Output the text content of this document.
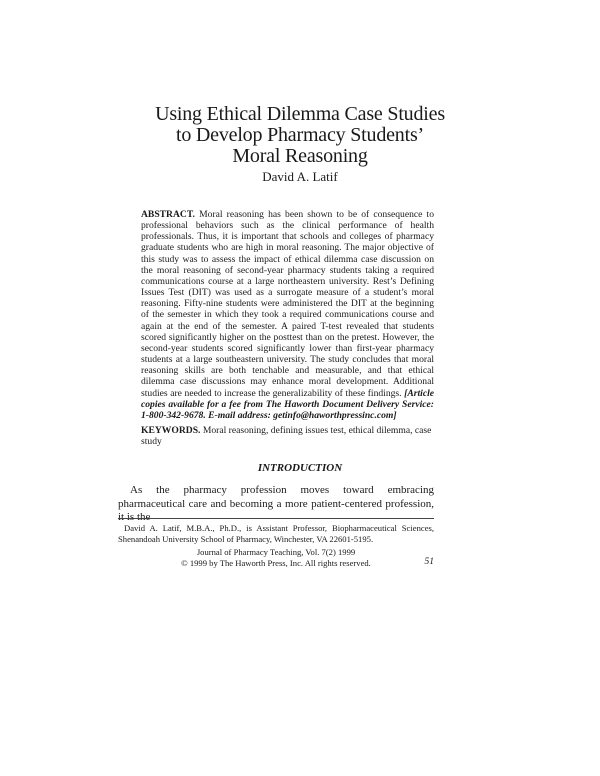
Using Ethical Dilemma Case Studies
to Develop Pharmacy Students’
Moral Reasoning
David A. Latif

ABSTRACT. Moral reasoning has been shown to be of consequence to professional behaviors such as the clinical performance of health professionals. Thus, it is important that schools and colleges of pharmacy graduate students who are high in moral reasoning. The major objective of this study was to assess the impact of ethical dilemma case discussion on the moral reasoning of second-year pharmacy students taking a required communications course at a large northeastern university. Rest’s Defining Issues Test (DIT) was used as a surrogate measure of a student’s moral reasoning. Fifty-nine students were administered the DIT at the beginning of the semester in which they took a required communications course and again at the end of the semester. A paired T-test revealed that students scored significantly higher on the posttest than on the pretest. However, the second-year students scored significantly lower than first-year pharmacy students at a large southeastern university. The study concludes that moral reasoning skills are both tenchable and measurable, and that ethical dilemma case discussions may enhance moral development. Additional studies are needed to increase the generalizability of these findings. [Article copies available for a fee from The Haworth Document Delivery Service: 1-800-342-9678. E-mail address: getinfo@haworthpressinc.com]

KEYWORDS. Moral reasoning, defining issues test, ethical dilemma, case study
INTRODUCTION

As the pharmacy profession moves toward embracing pharmaceutical care and becoming a more patient-centered profession, it is the

David A. Latif, M.B.A., Ph.D., is Assistant Professor, Biopharmaceutical Sciences, Shenandoah University School of Pharmacy, Winchester, VA 22601-5195.

Journal of Pharmacy Teaching, Vol. 7(2) 1999
© 1999 by The Haworth Press, Inc. All rights reserved.	51
